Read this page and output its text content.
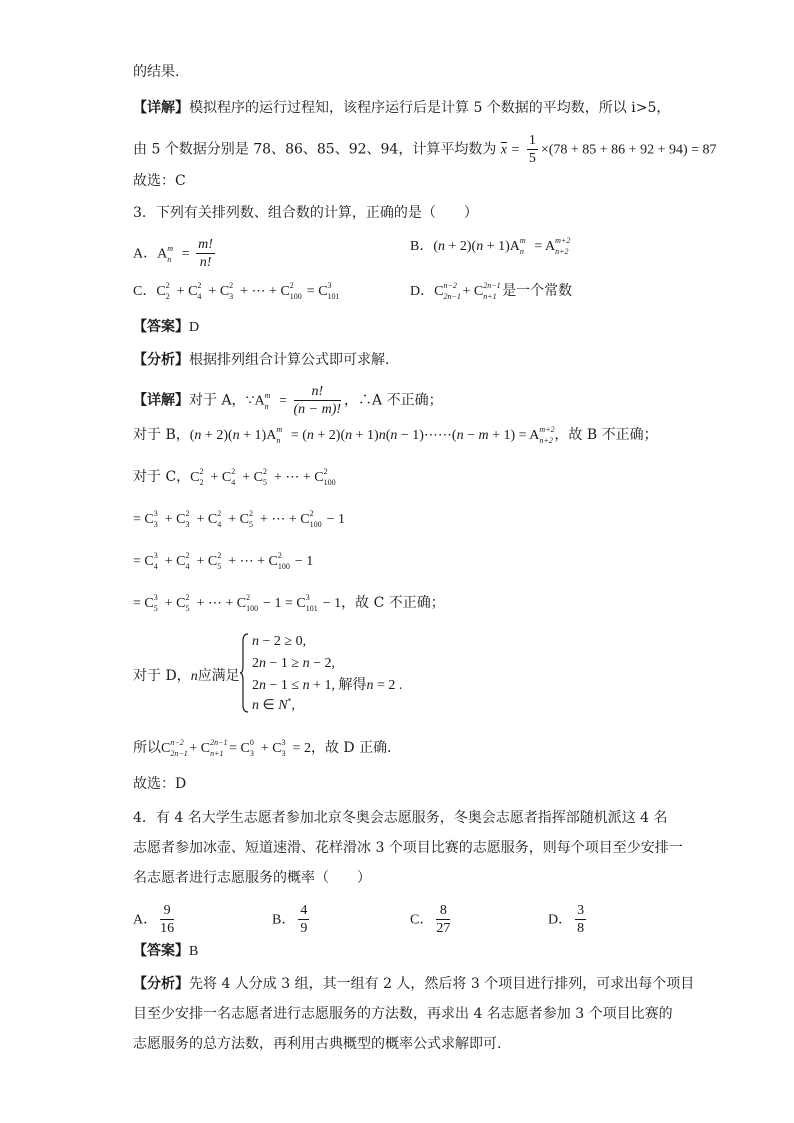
的结果.
【详解】模拟程序的运行过程知，该程序运行后是计算 5 个数据的平均数，所以 i>5，
由 5 个数据分别是 78、86、85、92、94，计算平均数为 $\overline{x} = \frac{1}{5} \times(78 + 85 + 86 + 92 + 94) = 87$
故选：C
3．下列有关排列数、组合数的计算，正确的是（　　）
A．A m
$n = \frac{m!}{n!}$	B．(n + 2)(n + 1)A m
n = A m+2
n+2
C．C 2
2 + C 2
4 + C 2
3 + ⋯ + C 2
100 = C 3
101	D．C n−2
2n−1 + C 2n−1
n+1 是一个常数
【答案】D
【分析】根据排列组合计算公式即可求解．
【详解】对于 A，∵A m
$n = \frac{n!}{(n - m)!}$ ，∴A 不正确；
对于 B，(n + 2)(n + 1)A m
n = (n + 2)(n + 1)n(n − 1)⋯⋯(n − m + 1) = A m+2
n+2 ，故 B 不正确；
对于 C，C 2
2 + C 2
4 + C 2
5 + ⋯ + C 2
100
= C 3
3 + C 2
3 + C 2
4 + C 2
5 + ⋯ + C 2
100 − 1
= C 3
4 + C 2
4 + C 2
5 + ⋯ + C 2
100 − 1
= C 3
5 + C 2
5 + ⋯ + C 2
100 − 1 = C 3
101 − 1，故 C 不正确；
对于 D，n应满足
n − 2 ≥ 0,
2n − 1 ≥ n − 2,
2n − 1 ≤ n + 1, 解得n = 2 .
n ∈ N*,
所以C n−2
2n−1 + C 2n−1
n+1 = C 0
3 + C 3
3 = 2，故 D 正确．
故选：D
4．有 4 名大学生志愿者参加北京冬奥会志愿服务，冬奥会志愿者指挥部随机派这 4 名
志愿者参加冰壶、短道速滑、花样滑冰 3 个项目比赛的志愿服务，则每个项目至少安排一
名志愿者进行志愿服务的概率（　　）
A． $\frac{9}{16}$	B． $\frac{4}{9}$	C． $\frac{8}{27}$	D． $\frac{3}{8}$
【答案】B
【分析】先将 4 人分成 3 组，其一组有 2 人，然后将 3 个项目进行排列，可求出每个项目
目至少安排一名志愿者进行志愿服务的方法数，再求出 4 名志愿者参加 3 个项目比赛的
志愿服务的总方法数，再利用古典概型的概率公式求解即可.
